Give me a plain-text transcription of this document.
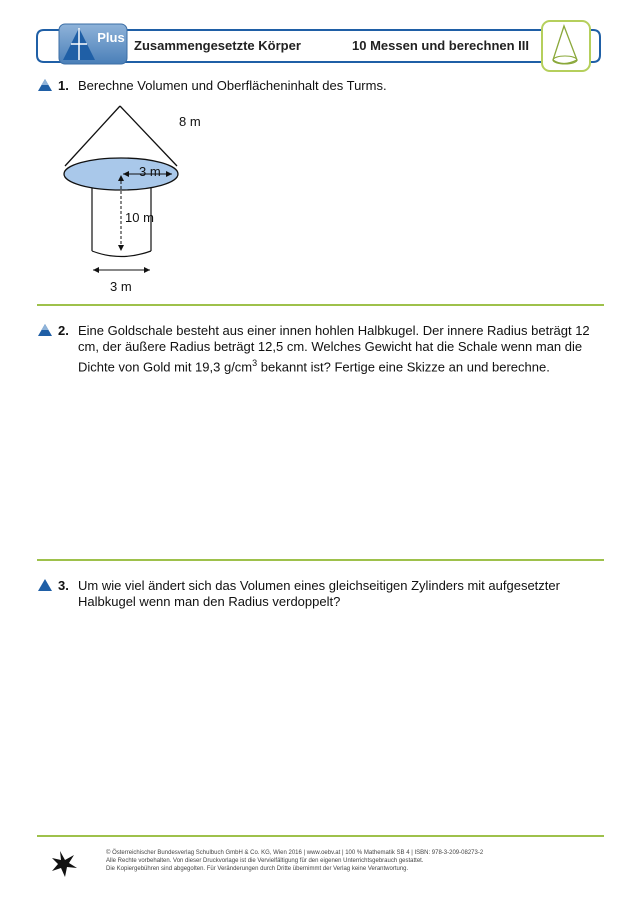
Plus
Zusammengesetzte Körper	10 Messen und berechnen III
1. Berechne Volumen und Oberflächeninhalt des Turms.
8 m
3 m
10 m
3 m
2. Eine Goldschale besteht aus einer innen hohlen Halbkugel. Der innere Radius beträgt 12
cm, der äußere Radius beträgt 12,5 cm. Welches Gewicht hat die Schale wenn man die
Dichte von Gold mit 19,3 $g/cm^3$ bekannt ist? Fertige eine Skizze an und berechne.
3. Um wie viel ändert sich das Volumen eines gleichseitigen Zylinders mit aufgesetzter
Halbkugel wenn man den Radius verdoppelt?
© Österreichischer Bundesverlag Schulbuch GmbH & Co. KG, Wien 2016 | www.oebv.at | 100 % Mathematik SB 4 | ISBN: 978-3-209-08273-2
Alle Rechte vorbehalten. Von dieser Druckvorlage ist die Vervielfältigung für den eigenen Unterrichtsgebrauch gestattet.
Die Kopiergebühren sind abgegolten. Für Veränderungen durch Dritte übernimmt der Verlag keine Verantwortung.
